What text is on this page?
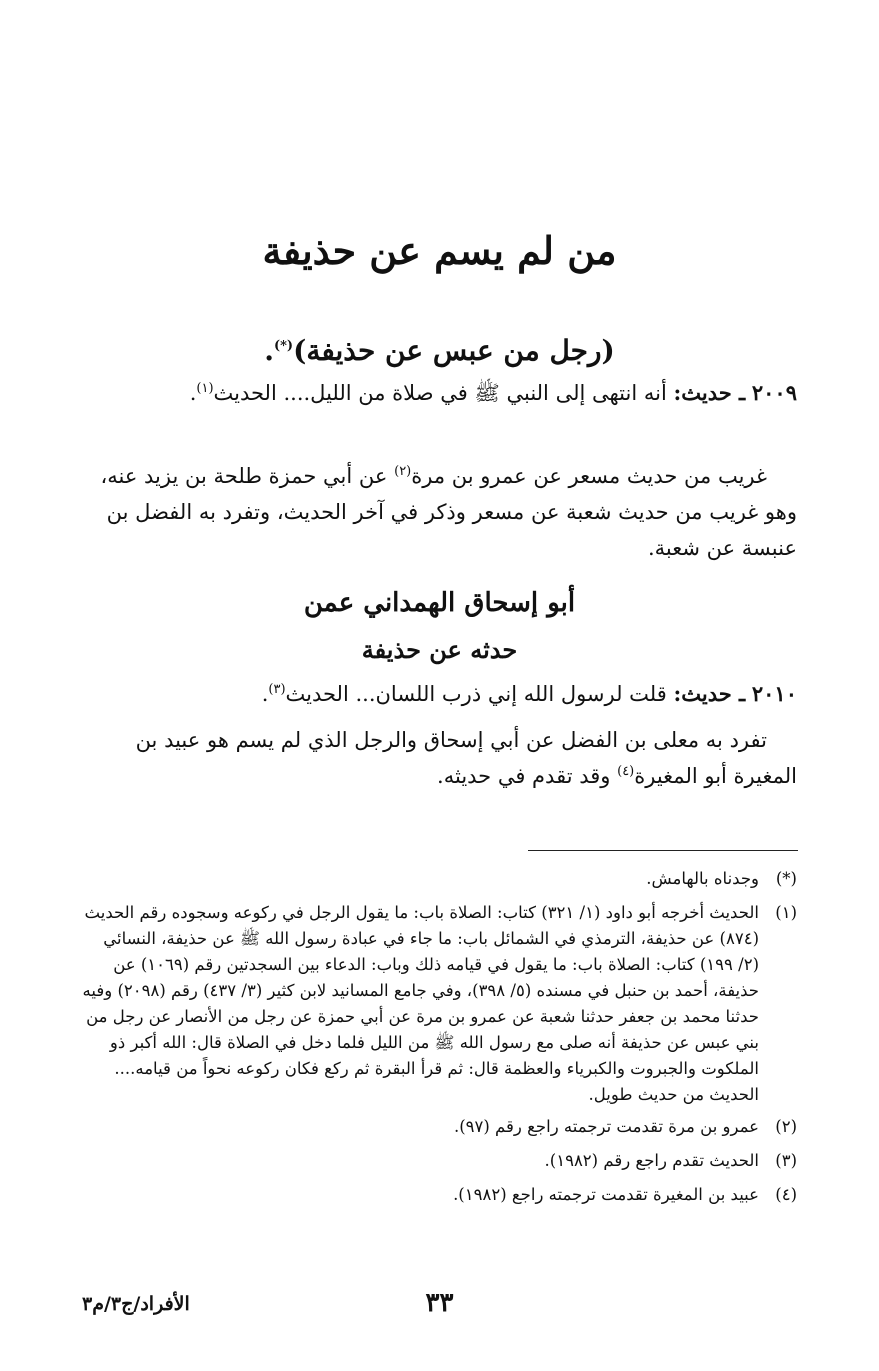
من لم يسم عن حذيفة
(رجل من عبس عن حذيفة)(*).
٢٠٠٩ ـ حديث: أنه انتهى إلى النبي ﷺ في صلاة من الليل.... الحديث$^{(١)}$.
غريب من حديث مسعر عن عمرو بن مرة$^{(٢)}$ عن أبي حمزة طلحة بن يزيد عنه، وهو غريب من حديث شعبة عن مسعر وذكر في آخر الحديث، وتفرد به الفضل بن عنبسة عن شعبة.
أبو إسحاق الهمداني عمن
حدثه عن حذيفة
٢٠١٠ ـ حديث: قلت لرسول الله إني ذرب اللسان... الحديث$^{(٣)}$.
تفرد به معلى بن الفضل عن أبي إسحاق والرجل الذي لم يسم هو عبيد بن المغيرة أبو المغيرة$^{(٤)}$ وقد تقدم في حديثه.
(*)
وجدناه بالهامش.
(١)
الحديث أخرجه أبو داود (١/ ٣٢١) كتاب: الصلاة باب: ما يقول الرجل في ركوعه وسجوده رقم الحديث (٨٧٤) عن حذيفة، الترمذي في الشمائل باب: ما جاء في عبادة رسول الله ﷺ عن حذيفة، النسائي (٢/ ١٩٩) كتاب: الصلاة باب: ما يقول في قيامه ذلك وباب: الدعاء بين السجدتين رقم (١٠٦٩) عن حذيفة، أحمد بن حنبل في مسنده (٥/ ٣٩٨)، وفي جامع المسانيد لابن كثير (٣/ ٤٣٧) رقم (٢٠٩٨) وفيه حدثنا محمد بن جعفر حدثنا شعبة عن عمرو بن مرة عن أبي حمزة عن رجل من الأنصار عن رجل من بني عبس عن حذيفة أنه صلى مع رسول الله ﷺ من الليل فلما دخل في الصلاة قال: الله أكبر ذو الملكوت والجبروت والكبرياء والعظمة قال: ثم قرأ البقرة ثم ركع فكان ركوعه نحواً من قيامه.... الحديث من حديث طويل.
(٢)
عمرو بن مرة تقدمت ترجمته راجع رقم (٩٧).
(٣)
الحديث تقدم راجع رقم (١٩٨٢).
(٤)
عبيد بن المغيرة تقدمت ترجمته راجع (١٩٨٢).
٣٣
الأفراد/ج٣/م٣
